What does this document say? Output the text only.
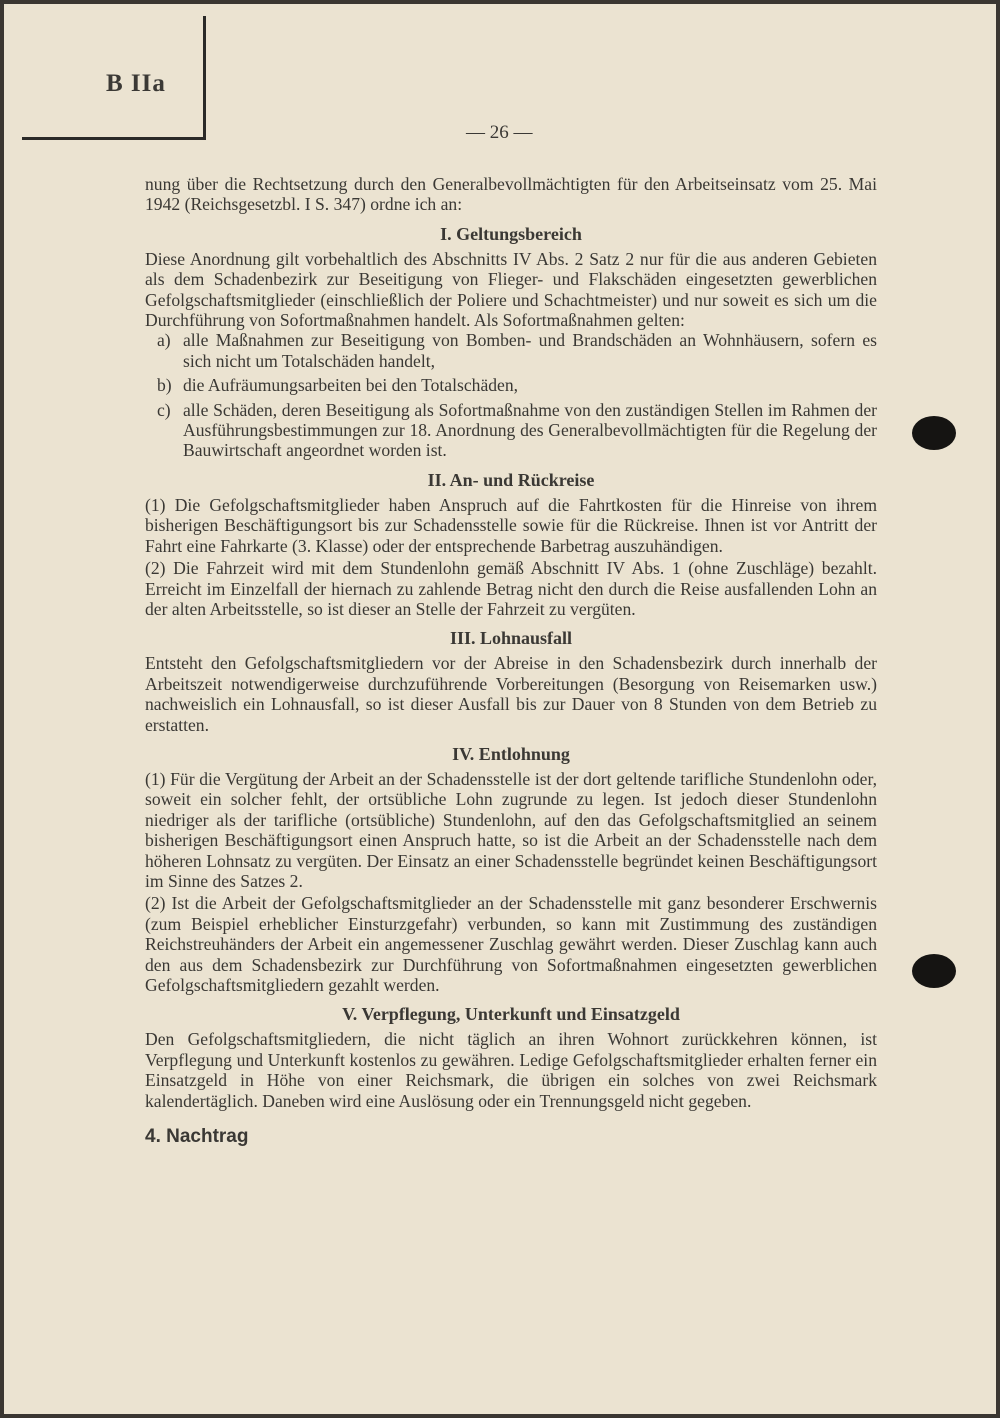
B IIa
— 26 —

nung über die Rechtsetzung durch den Generalbevollmächtigten für den Arbeitseinsatz vom 25. Mai 1942 (Reichsgesetzbl. I S. 347) ordne ich an:

I. Geltungsbereich

Diese Anordnung gilt vorbehaltlich des Abschnitts IV Abs. 2 Satz 2 nur für die aus anderen Gebieten als dem Schadenbezirk zur Beseitigung von Flieger- und Flakschäden eingesetzten gewerblichen Gefolgschaftsmitglieder (einschließlich der Poliere und Schachtmeister) und nur soweit es sich um die Durchführung von Sofortmaßnahmen handelt. Als Sofortmaßnahmen gelten:

a) alle Maßnahmen zur Beseitigung von Bomben- und Brandschäden an Wohnhäusern, sofern es sich nicht um Totalschäden handelt,
b) die Aufräumungsarbeiten bei den Totalschäden,
c) alle Schäden, deren Beseitigung als Sofortmaßnahme von den zuständigen Stellen im Rahmen der Ausführungsbestimmungen zur 18. Anordnung des Generalbevollmächtigten für die Regelung der Bauwirtschaft angeordnet worden ist.
II. An- und Rückreise

(1) Die Gefolgschaftsmitglieder haben Anspruch auf die Fahrtkosten für die Hinreise von ihrem bisherigen Beschäftigungsort bis zur Schadensstelle sowie für die Rückreise. Ihnen ist vor Antritt der Fahrt eine Fahrkarte (3. Klasse) oder der entsprechende Barbetrag auszuhändigen.

(2) Die Fahrzeit wird mit dem Stundenlohn gemäß Abschnitt IV Abs. 1 (ohne Zuschläge) bezahlt. Erreicht im Einzelfall der hiernach zu zahlende Betrag nicht den durch die Reise ausfallenden Lohn an der alten Arbeitsstelle, so ist dieser an Stelle der Fahrzeit zu vergüten.

III. Lohnausfall

Entsteht den Gefolgschaftsmitgliedern vor der Abreise in den Schadensbezirk durch innerhalb der Arbeitszeit notwendigerweise durchzuführende Vorbereitungen (Besorgung von Reisemarken usw.) nachweislich ein Lohnausfall, so ist dieser Ausfall bis zur Dauer von 8 Stunden von dem Betrieb zu erstatten.

IV. Entlohnung

(1) Für die Vergütung der Arbeit an der Schadensstelle ist der dort geltende tarifliche Stundenlohn oder, soweit ein solcher fehlt, der ortsübliche Lohn zugrunde zu legen. Ist jedoch dieser Stundenlohn niedriger als der tarifliche (ortsübliche) Stundenlohn, auf den das Gefolgschaftsmitglied an seinem bisherigen Beschäftigungsort einen Anspruch hatte, so ist die Arbeit an der Schadensstelle nach dem höheren Lohnsatz zu vergüten. Der Einsatz an einer Schadensstelle begründet keinen Beschäftigungsort im Sinne des Satzes 2.

(2) Ist die Arbeit der Gefolgschaftsmitglieder an der Schadensstelle mit ganz besonderer Erschwernis (zum Beispiel erheblicher Einsturzgefahr) verbunden, so kann mit Zustimmung des zuständigen Reichstreuhänders der Arbeit ein angemessener Zuschlag gewährt werden. Dieser Zuschlag kann auch den aus dem Schadensbezirk zur Durchführung von Sofortmaßnahmen eingesetzten gewerblichen Gefolgschaftsmitgliedern gezahlt werden.

V. Verpflegung, Unterkunft und Einsatzgeld

Den Gefolgschaftsmitgliedern, die nicht täglich an ihren Wohnort zurückkehren können, ist Verpflegung und Unterkunft kostenlos zu gewähren. Ledige Gefolgschaftsmitglieder erhalten ferner ein Einsatzgeld in Höhe von einer Reichsmark, die übrigen ein solches von zwei Reichsmark kalendertäglich. Daneben wird eine Auslösung oder ein Trennungsgeld nicht gegeben.

4. Nachtrag
